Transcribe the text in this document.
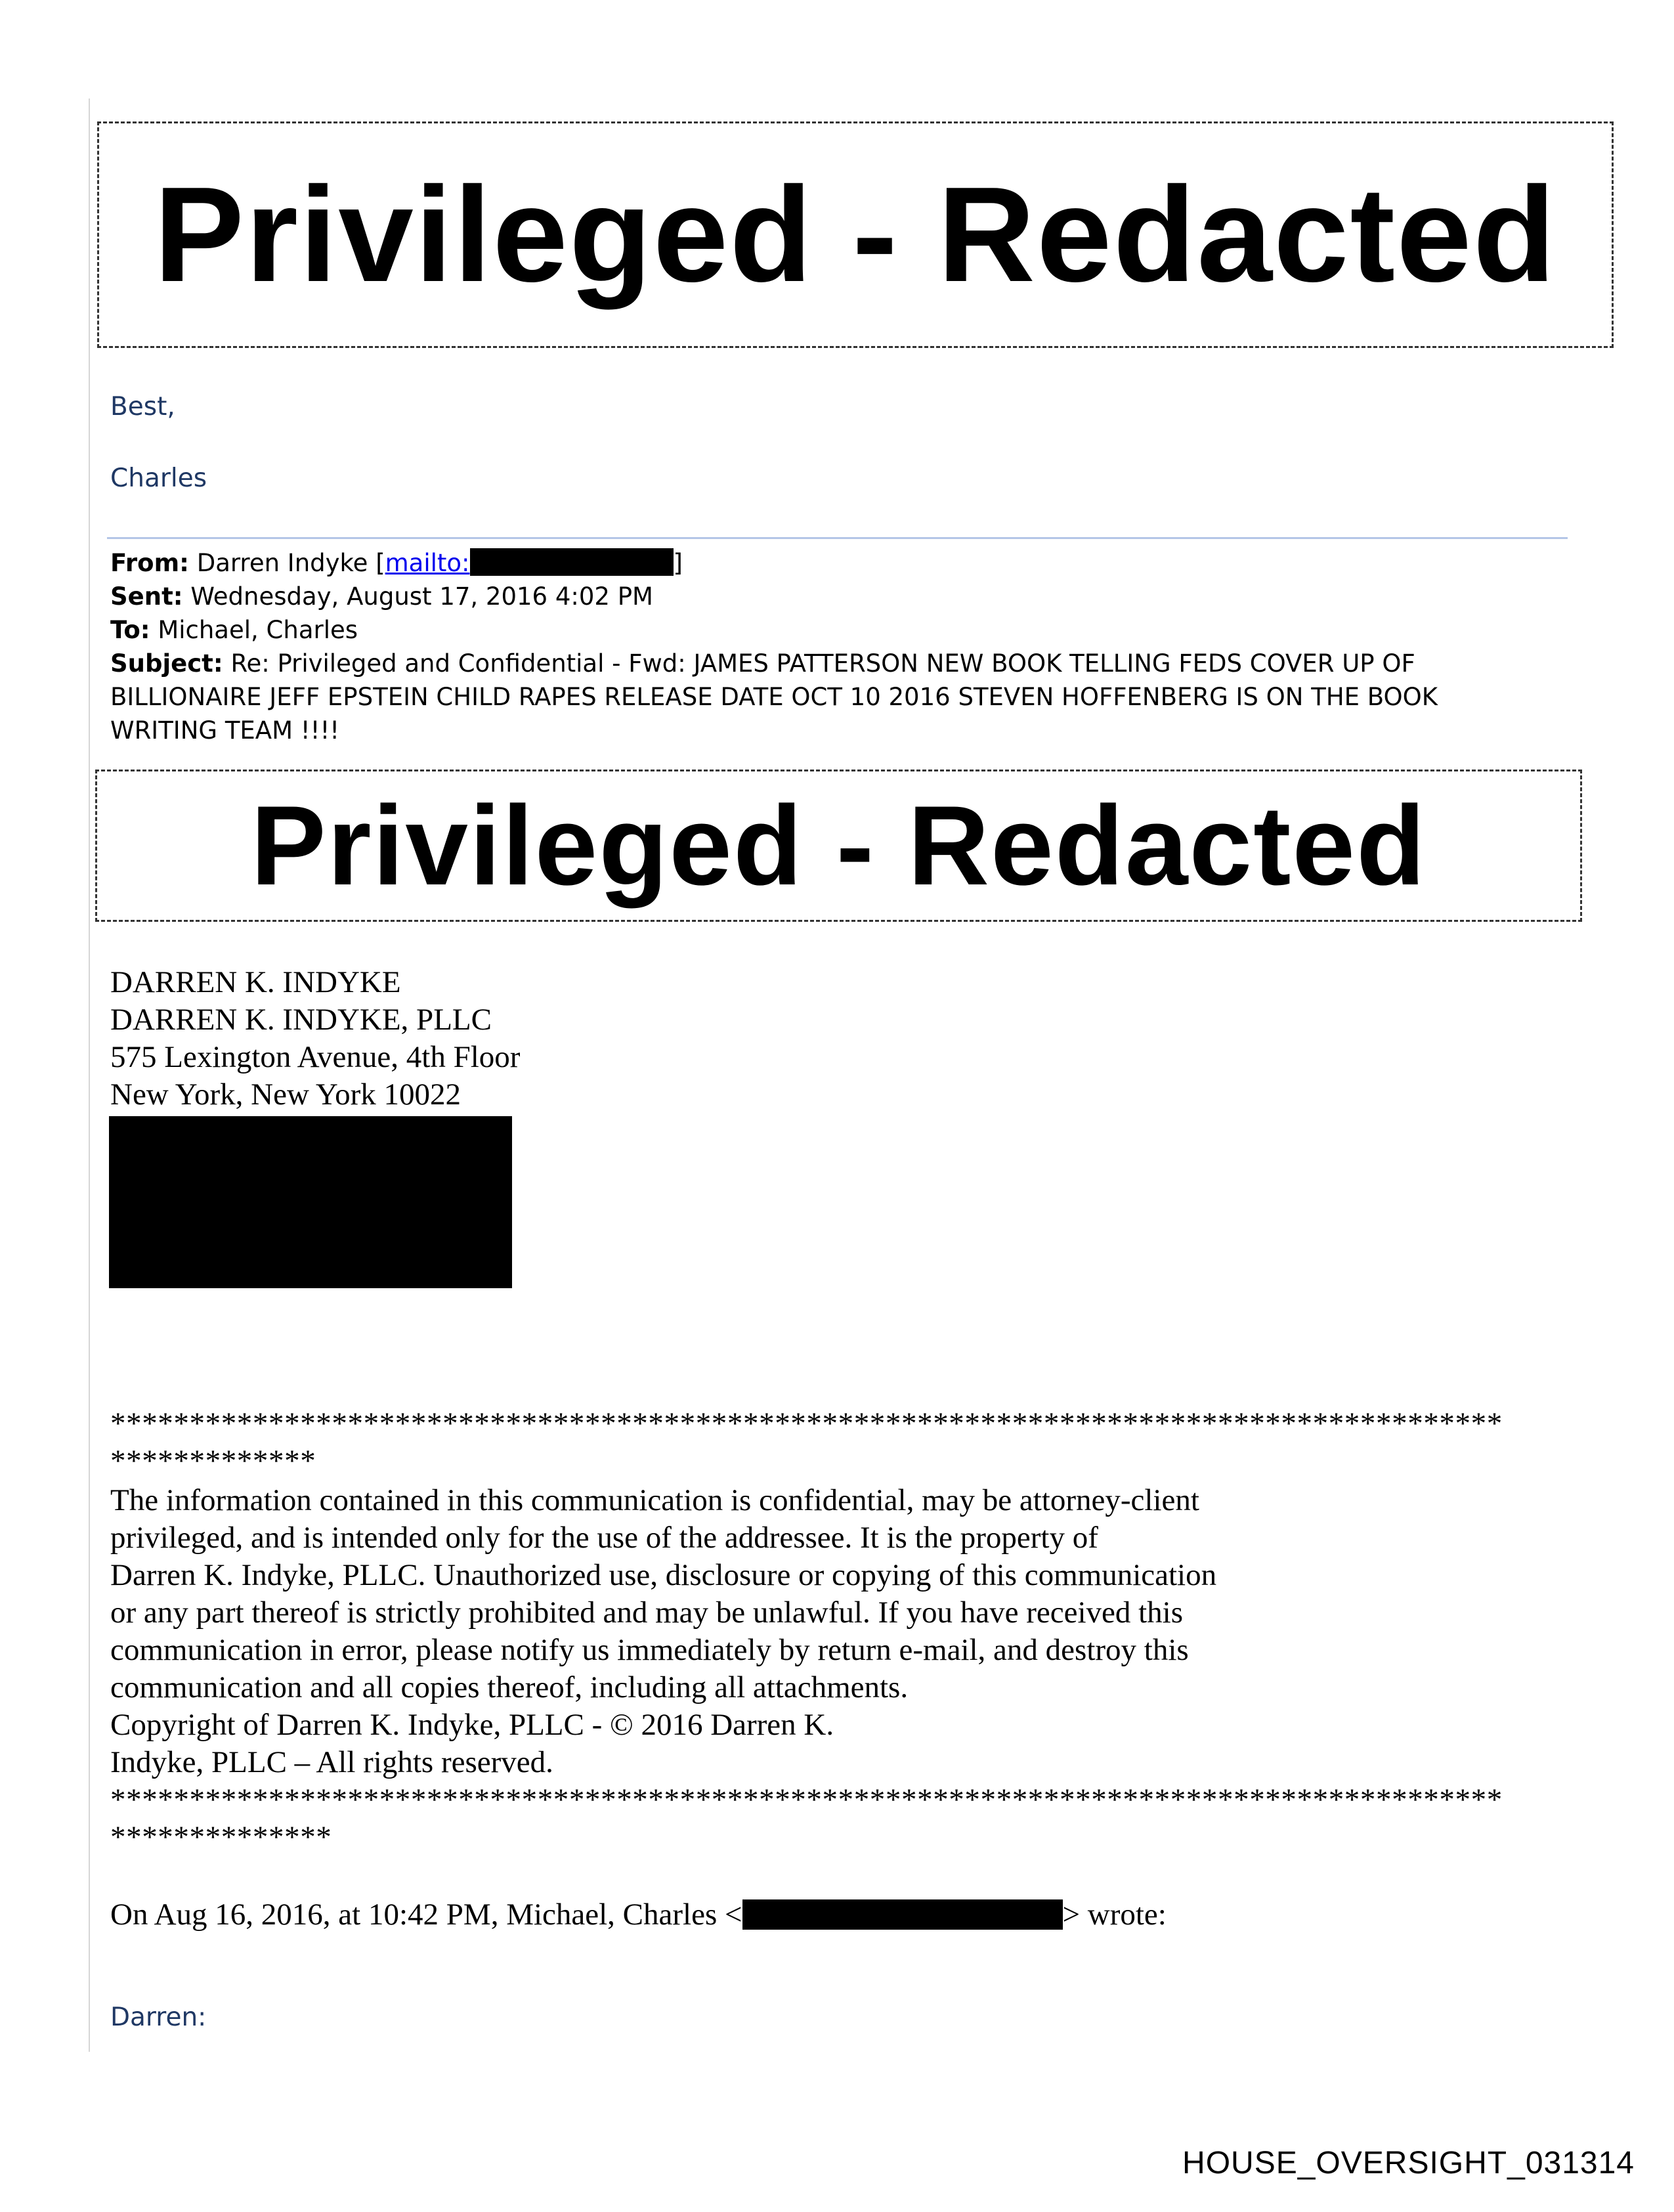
Privileged - Redacted
Best,
Charles
From: Darren Indyke [mailto:	]
Sent: Wednesday, August 17, 2016 4:02 PM
To: Michael, Charles
Subject: Re: Privileged and Confidential - Fwd: JAMES PATTERSON NEW BOOK TELLING FEDS COVER UP OF
BILLIONAIRE JEFF EPSTEIN CHILD RAPES RELEASE DATE OCT 10 2016 STEVEN HOFFENBERG IS ON THE BOOK
WRITING TEAM !!!!
Privileged - Redacted
DARREN K. INDYKE
DARREN K. INDYKE, PLLC
575 Lexington Avenue, 4th Floor
New York, New York 10022
****************************************************************************************
*************
The information contained in this communication is confidential, may be attorney-client
privileged, and is intended only for the use of the addressee. It is the property of
Darren K. Indyke, PLLC. Unauthorized use, disclosure or copying of this communication
or any part thereof is strictly prohibited and may be unlawful. If you have received this
communication in error, please notify us immediately by return e-mail, and destroy this
communication and all copies thereof, including all attachments.
Copyright of Darren K. Indyke, PLLC - © 2016 Darren K.
Indyke, PLLC – All rights reserved.
****************************************************************************************
**************
On Aug 16, 2016, at 10:42 PM, Michael, Charles <	> wrote:
Darren:
HOUSE_OVERSIGHT_031314
